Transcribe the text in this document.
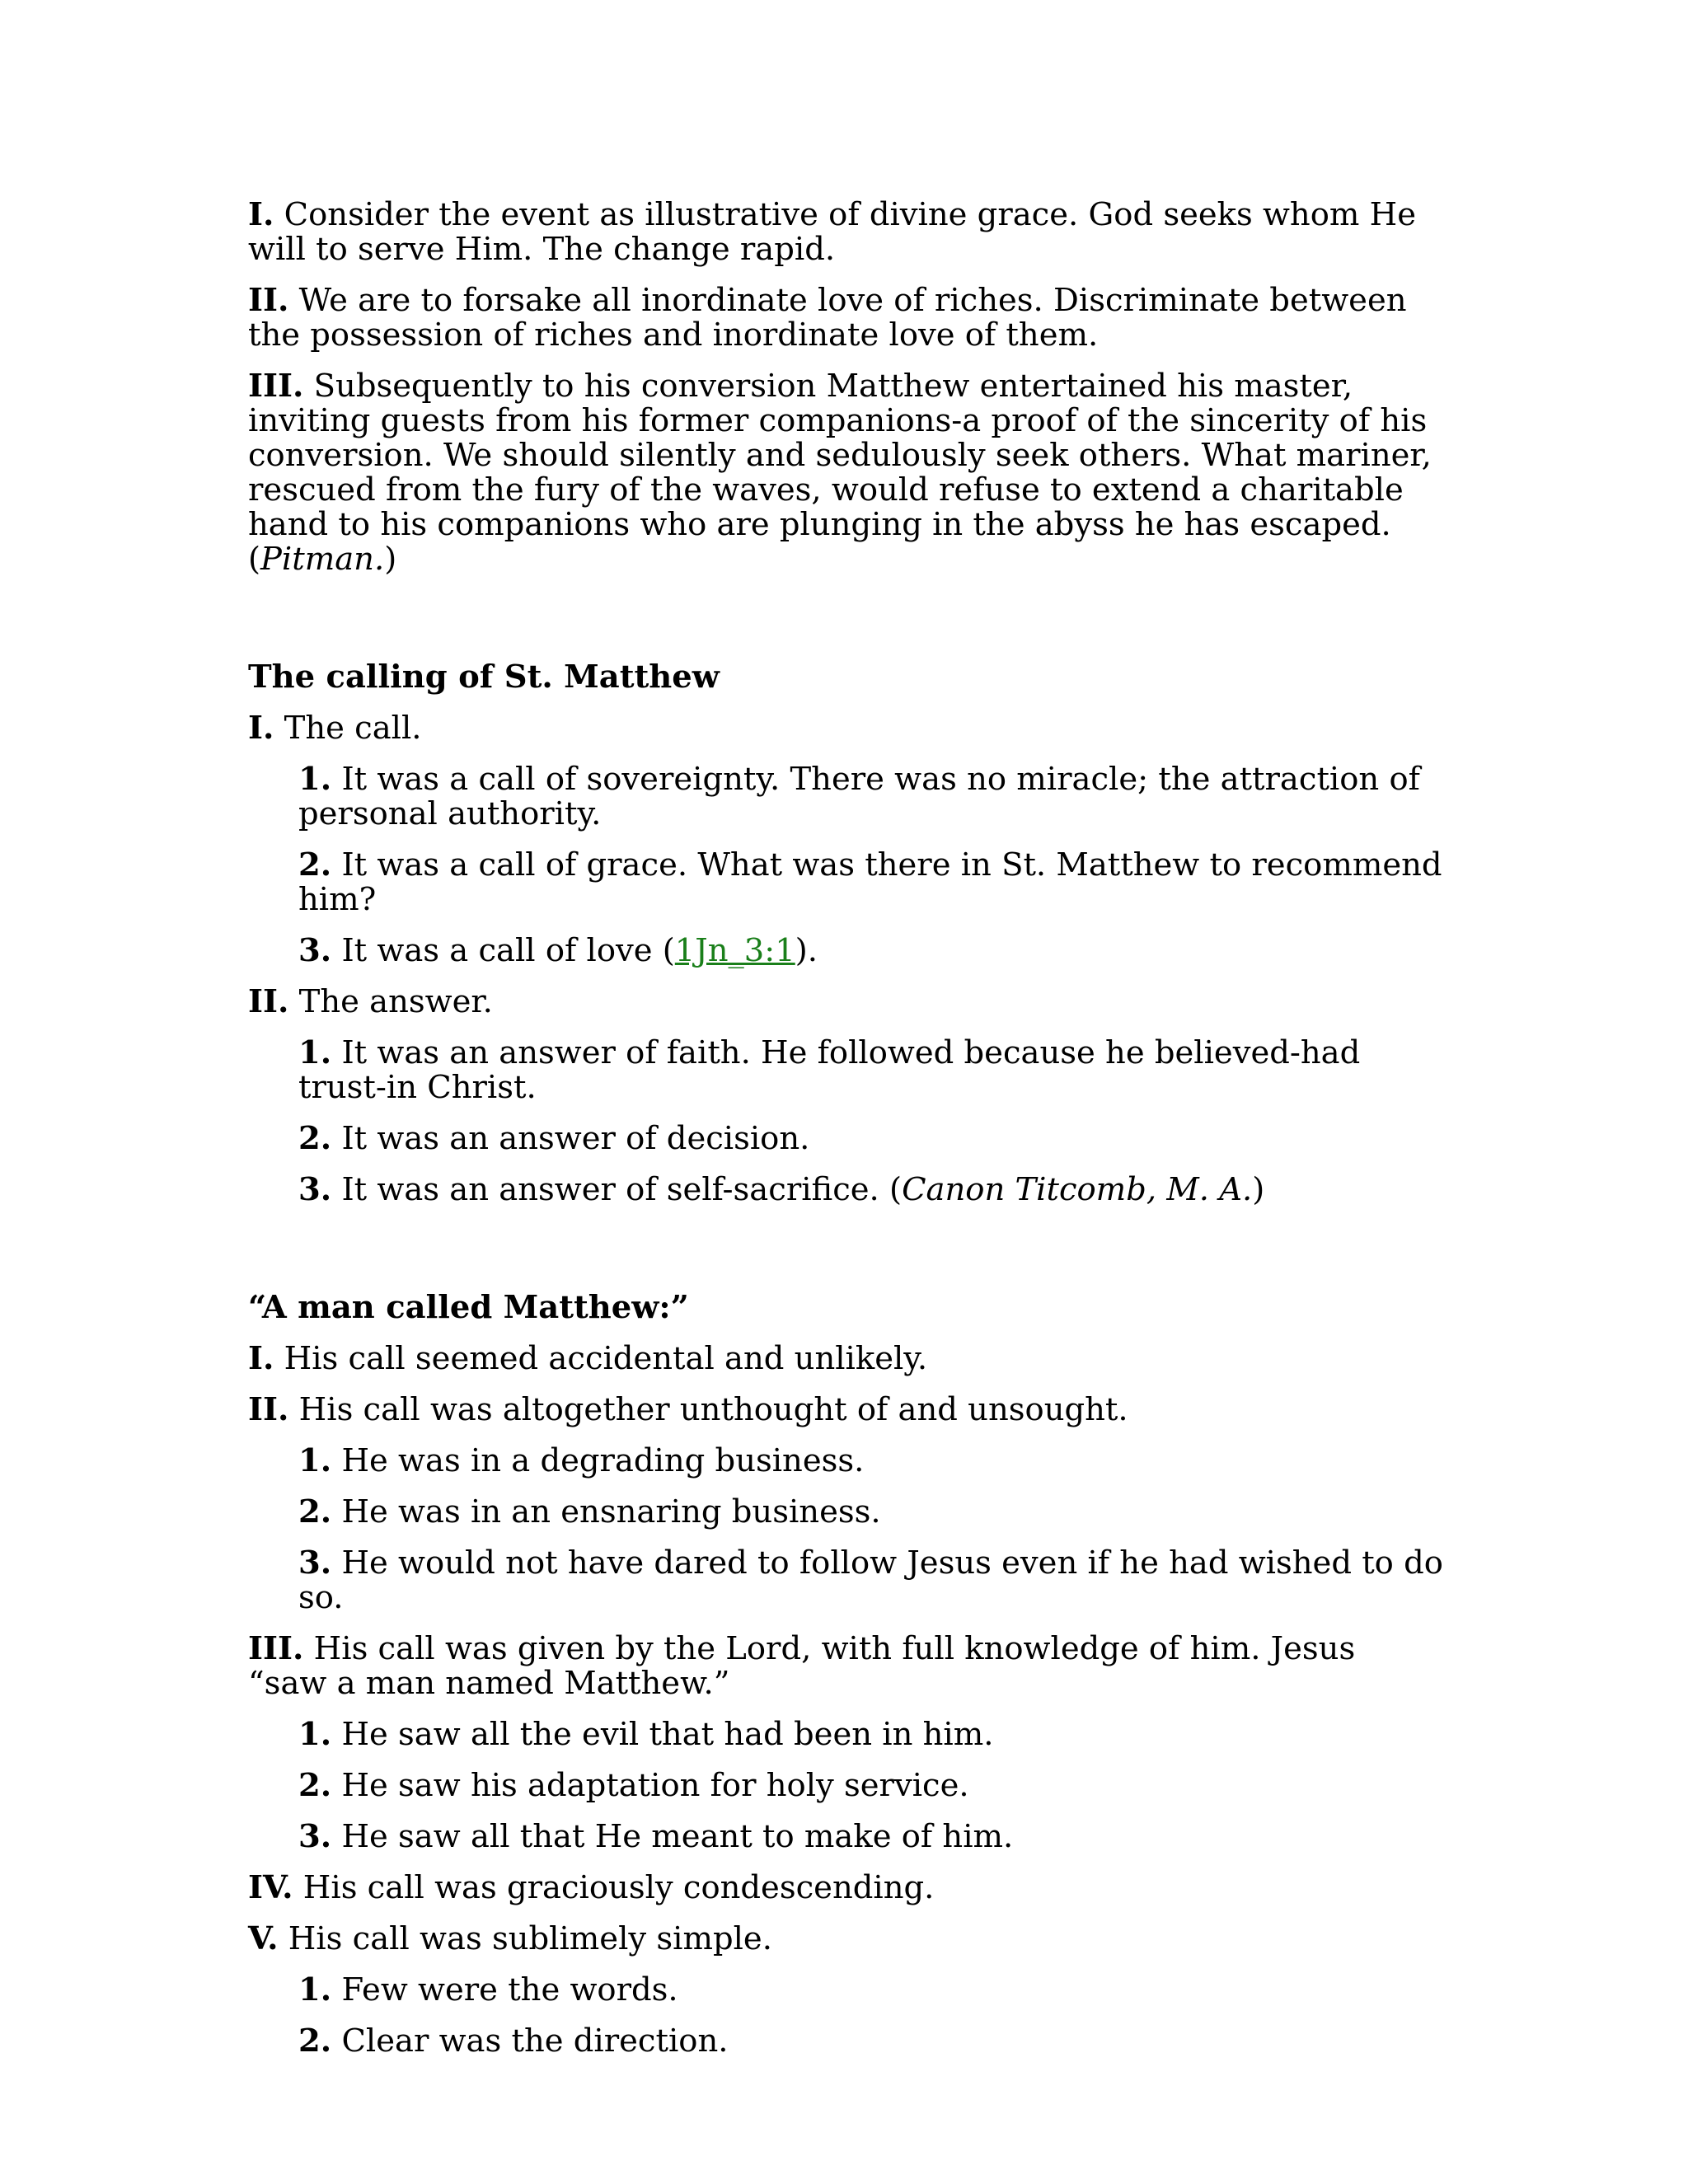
I. Consider the event as illustrative of divine grace. God seeks whom He will to serve Him. The change rapid.

II. We are to forsake all inordinate love of riches. Discriminate between the possession of riches and inordinate love of them.

III. Subsequently to his conversion Matthew entertained his master, inviting guests from his former companions-a proof of the sincerity of his conversion. We should silently and sedulously seek others. What mariner, rescued from the fury of the waves, would refuse to extend a charitable hand to his companions who are plunging in the abyss he has escaped. (Pitman.)

The calling of St. Matthew

I. The call.

1. It was a call of sovereignty. There was no miracle; the attraction of personal authority.

2. It was a call of grace. What was there in St. Matthew to recommend him?

3. It was a call of love (1Jn_3:1).

II. The answer.

1. It was an answer of faith. He followed because he believed-had trust-in Christ.

2. It was an answer of decision.

3. It was an answer of self-sacrifice. (Canon Titcomb, M. A.)

“A man called Matthew:”

I. His call seemed accidental and unlikely.

II. His call was altogether unthought of and unsought.

1. He was in a degrading business.

2. He was in an ensnaring business.

3. He would not have dared to follow Jesus even if he had wished to do so.

III. His call was given by the Lord, with full knowledge of him. Jesus “saw a man named Matthew.”

1. He saw all the evil that had been in him.

2. He saw his adaptation for holy service.

3. He saw all that He meant to make of him.

IV. His call was graciously condescending.

V. His call was sublimely simple.

1. Few were the words.

2. Clear was the direction.
